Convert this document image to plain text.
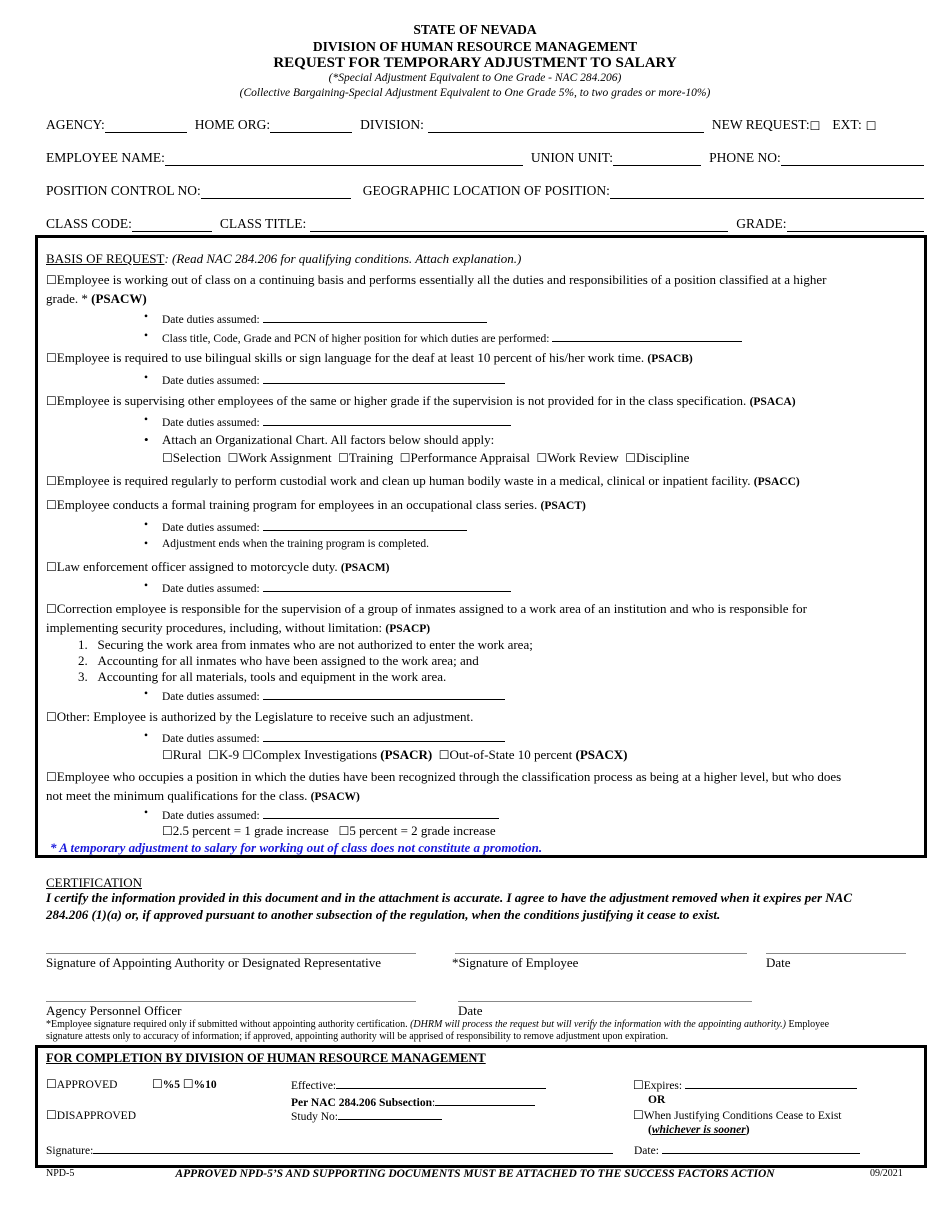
STATE OF NEVADA
DIVISION OF HUMAN RESOURCE MANAGEMENT
REQUEST FOR TEMPORARY ADJUSTMENT TO SALARY
(*Special Adjustment Equivalent to One Grade - NAC 284.206)
(Collective Bargaining-Special Adjustment Equivalent to One Grade 5%, to two grades or more-10%)
AGENCY:	HOME ORG:	DIVISION:	NEW REQUEST: ☐ EXT: ☐
EMPLOYEE NAME:	UNION UNIT:	PHONE NO:
POSITION CONTROL NO:	GEOGRAPHIC LOCATION OF POSITION:
CLASS CODE:	CLASS TITLE:	GRADE:
BASIS OF REQUEST: (Read NAC 284.206 for qualifying conditions. Attach explanation.)
☐Employee is working out of class on a continuing basis and performs essentially all the duties and responsibilities of a position classified at a higher
grade. * (PSACW)
• Date duties assumed:
• Class title, Code, Grade and PCN of higher position for which duties are performed:
☐Employee is required to use bilingual skills or sign language for the deaf at least 10 percent of his/her work time. (PSACB)
• Date duties assumed:
☐Employee is supervising other employees of the same or higher grade if the supervision is not provided for in the class specification. (PSACA)
• Date duties assumed:
• Attach an Organizational Chart. All factors below should apply:
☐Selection ☐Work Assignment ☐Training ☐Performance Appraisal ☐Work Review ☐Discipline
☐Employee is required regularly to perform custodial work and clean up human bodily waste in a medical, clinical or inpatient facility. (PSACC)
☐Employee conducts a formal training program for employees in an occupational class series. (PSACT)
• Date duties assumed:
• Adjustment ends when the training program is completed.
☐Law enforcement officer assigned to motorcycle duty. (PSACM)
• Date duties assumed:
☐Correction employee is responsible for the supervision of a group of inmates assigned to a work area of an institution and who is responsible for
implementing security procedures, including, without limitation: (PSACP)
1.   Securing the work area from inmates who are not authorized to enter the work area;
2.   Accounting for all inmates who have been assigned to the work area; and
3.   Accounting for all materials, tools and equipment in the work area.
• Date duties assumed:
☐Other: Employee is authorized by the Legislature to receive such an adjustment.
• Date duties assumed:
☐Rural ☐K-9 ☐Complex Investigations (PSACR) ☐Out-of-State 10 percent (PSACX)
☐Employee who occupies a position in which the duties have been recognized through the classification process as being at a higher level, but who does
not meet the minimum qualifications for the class. (PSACW)
• Date duties assumed:
☐2.5 percent = 1 grade increase ☐5 percent = 2 grade increase
* A temporary adjustment to salary for working out of class does not constitute a promotion.
CERTIFICATION
I certify the information provided in this document and in the attachment is accurate. I agree to have the adjustment removed when it expires per NAC
284.206 (1)(a) or, if approved pursuant to another subsection of the regulation, when the conditions justifying it cease to exist.
Signature of Appointing Authority or Designated Representative	*Signature of Employee	Date
Agency Personnel Officer	Date
*Employee signature required only if submitted without appointing authority certification. (DHRM will process the request but will verify the information with the appointing authority.) Employee
signature attests only to accuracy of information; if approved, appointing authority will be apprised of responsibility to remove adjustment upon expiration.
FOR COMPLETION BY DIVISION OF HUMAN RESOURCE MANAGEMENT
☐APPROVED	☐%5 ☐%10	Effective:	☐Expires:
Per NAC 284.206 Subsection:	OR
☐DISAPPROVED	Study No:	☐When Justifying Conditions Cease to Exist
(whichever is sooner)
Signature:	Date:
NPD-5	APPROVED NPD-5’S AND SUPPORTING DOCUMENTS MUST BE ATTACHED TO THE SUCCESS FACTORS ACTION	09/2021
